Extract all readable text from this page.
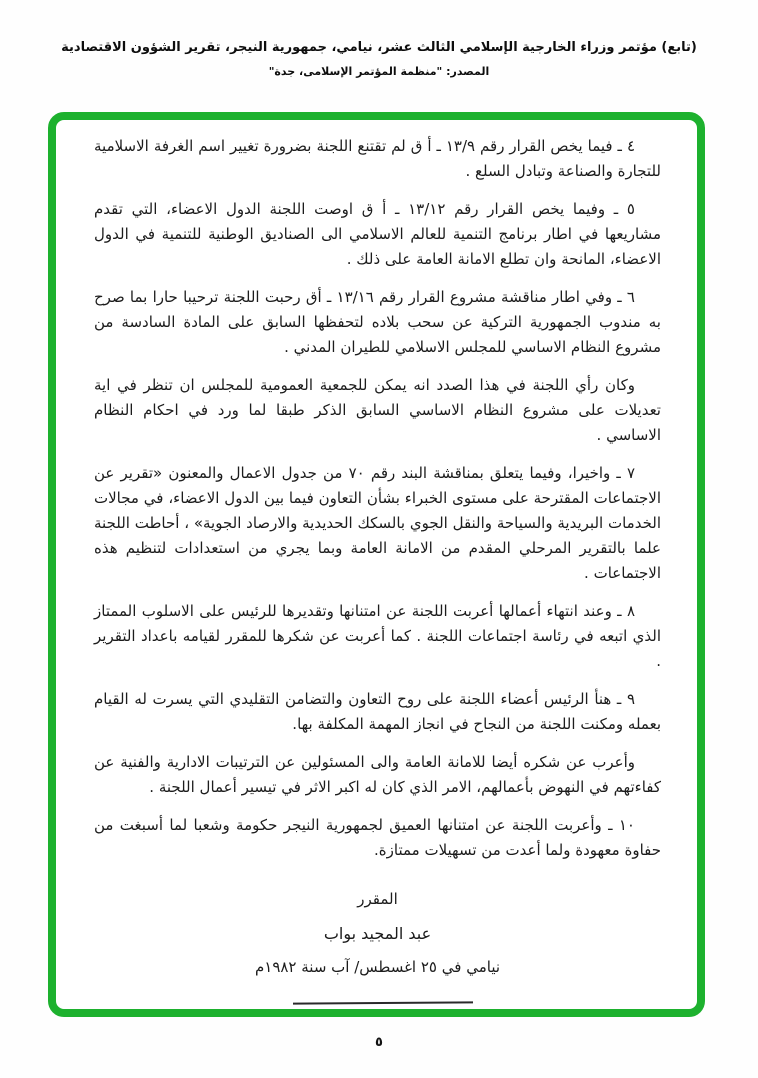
(تابع) مؤتمر وزراء الخارجية الإسلامي الثالث عشر، نيامي، جمهورية النيجر، تقرير الشؤون الاقتصادية
المصدر: "منظمة المؤتمر الإسلامى، جدة"

٤ ـ فيما يخص القرار رقم ١٣/٩ ـ أ ق لم تقتنع اللجنة بضرورة تغيير اسم الغرفة الاسلامية للتجارة والصناعة وتبادل السلع .

٥ ـ وفيما يخص القرار رقم ١٣/١٢ ـ أ ق اوصت اللجنة الدول الاعضاء، التي تقدم مشاريعها في اطار برنامج التنمية للعالم الاسلامي الى الصناديق الوطنية للتنمية في الدول الاعضاء، المانحة وان تطلع الامانة العامة على ذلك .

٦ ـ وفي اطار مناقشة مشروع القرار رقم ١٣/١٦ ـ أق رحبت اللجنة ترحيبا حارا بما صرح به مندوب الجمهورية التركية عن سحب بلاده لتحفظها السابق على المادة السادسة من مشروع النظام الاساسي للمجلس الاسلامي للطيران المدني .

وكان رأي اللجنة في هذا الصدد انه يمكن للجمعية العمومية للمجلس ان تنظر في اية تعديلات على مشروع النظام الاساسي السابق الذكر طبقا لما ورد في احكام النظام الاساسي .

٧ ـ واخيرا، وفيما يتعلق بمناقشة البند رقم ٧٠ من جدول الاعمال والمعنون «تقرير عن الاجتماعات المقترحة على مستوى الخبراء بشأن التعاون فيما بين الدول الاعضاء، في مجالات الخدمات البريدية والسياحة والنقل الجوي بالسكك الحديدية والارصاد الجوية» ، أحاطت اللجنة علما بالتقرير المرحلي المقدم من الامانة العامة وبما يجري من استعدادات لتنظيم هذه الاجتماعات .

٨ ـ وعند انتهاء أعمالها أعربت اللجنة عن امتنانها وتقديرها للرئيس على الاسلوب الممتاز الذي اتبعه في رئاسة اجتماعات اللجنة . كما أعربت عن شكرها للمقرر لقيامه باعداد التقرير .

٩ ـ هنأ الرئيس أعضاء اللجنة على روح التعاون والتضامن التقليدي التي يسرت له القيام بعمله ومكنت اللجنة من النجاح في انجاز المهمة المكلفة بها.

وأعرب عن شكره أيضا للامانة العامة والى المسئولين عن الترتيبات الادارية والفنية عن كفاءتهم في النهوض بأعمالهم، الامر الذي كان له اكبر الاثر في تيسير أعمال اللجنة .

١٠ ـ وأعربت اللجنة عن امتنانها العميق لجمهورية النيجر حكومة وشعبا لما أسبغت من حفاوة معهودة ولما أعدت من تسهيلات ممتازة.

المقرر
عبد المجيد بواب
نيامي في ٢٥ اغسطس/ آب سنة ١٩٨٢م
٥
